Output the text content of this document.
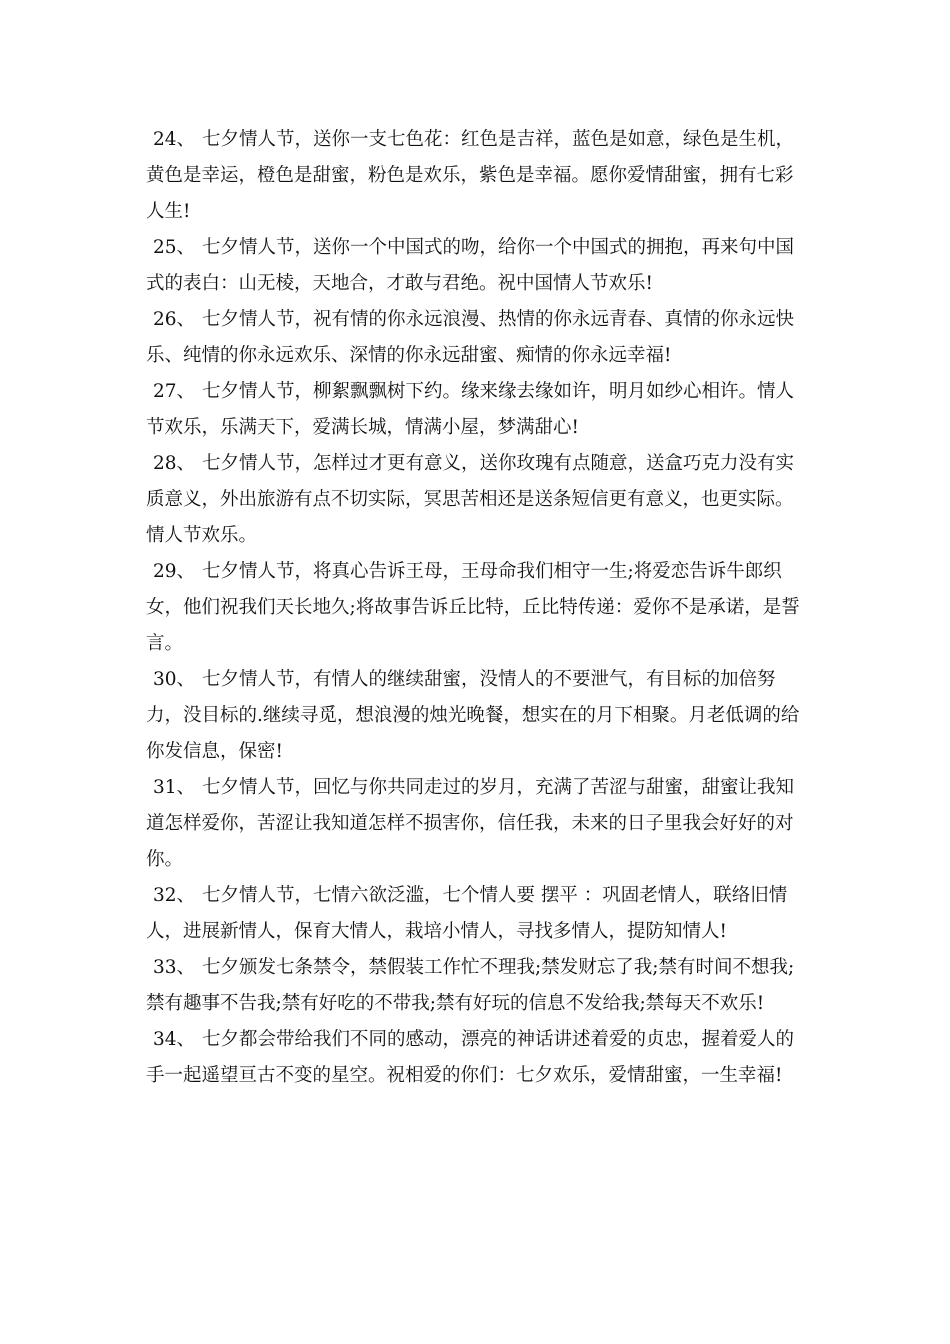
24、 七夕情人节，送你一支七色花：红色是吉祥，蓝色是如意，绿色是生机，黄色是幸运，橙色是甜蜜，粉色是欢乐，紫色是幸福。愿你爱情甜蜜，拥有七彩人生!

25、 七夕情人节，送你一个中国式的吻，给你一个中国式的拥抱，再来句中国式的表白：山无棱，天地合，才敢与君绝。祝中国情人节欢乐!

26、 七夕情人节，祝有情的你永远浪漫、热情的你永远青春、真情的你永远快乐、纯情的你永远欢乐、深情的你永远甜蜜、痴情的你永远幸福!

27、 七夕情人节，柳絮飘飘树下约。缘来缘去缘如许，明月如纱心相许。情人节欢乐，乐满天下，爱满长城，情满小屋，梦满甜心!

28、 七夕情人节，怎样过才更有意义，送你玫瑰有点随意，送盒巧克力没有实质意义，外出旅游有点不切实际，冥思苦相还是送条短信更有意义，也更实际。情人节欢乐。

29、 七夕情人节，将真心告诉王母，王母命我们相守一生;将爱恋告诉牛郎织女，他们祝我们天长地久;将故事告诉丘比特，丘比特传递：爱你不是承诺，是誓言。

30、 七夕情人节，有情人的继续甜蜜，没情人的不要泄气，有目标的加倍努力，没目标的.继续寻觅，想浪漫的烛光晚餐，想实在的月下相聚。月老低调的给你发信息，保密!

31、 七夕情人节，回忆与你共同走过的岁月，充满了苦涩与甜蜜，甜蜜让我知道怎样爱你，苦涩让我知道怎样不损害你，信任我，未来的日子里我会好好的对你。

32、 七夕情人节，七情六欲泛滥，七个情人要 摆平 ：巩固老情人，联络旧情人，进展新情人，保育大情人，栽培小情人，寻找多情人，提防知情人!

33、 七夕颁发七条禁令，禁假装工作忙不理我;禁发财忘了我;禁有时间不想我;禁有趣事不告我;禁有好吃的不带我;禁有好玩的信息不发给我;禁每天不欢乐!

34、 七夕都会带给我们不同的感动，漂亮的神话讲述着爱的贞忠，握着爱人的手一起遥望亘古不变的星空。祝相爱的你们：七夕欢乐，爱情甜蜜，一生幸福!
